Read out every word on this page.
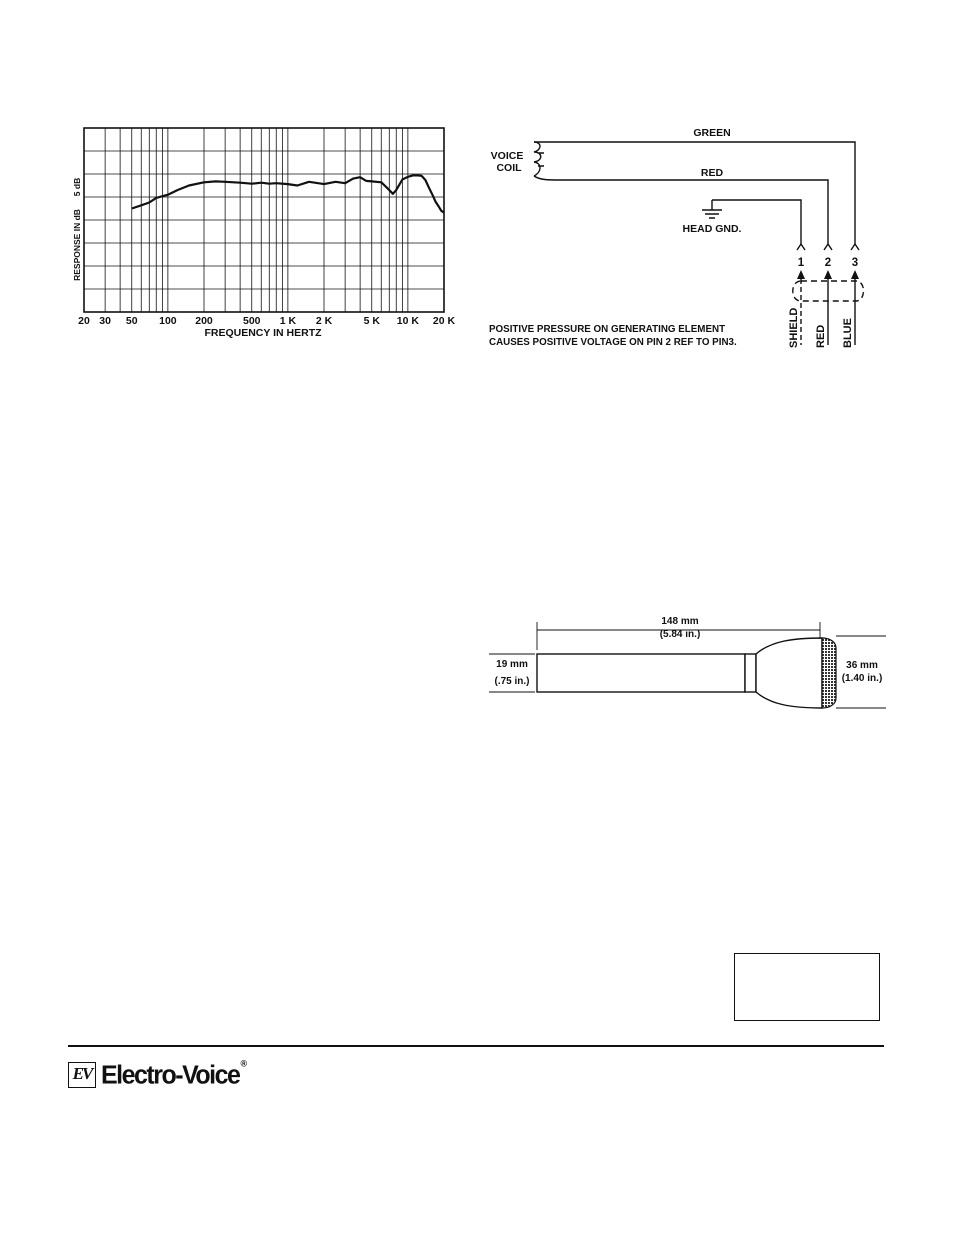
20 30 50 100 200	500 1 K 2 K	5 K 10 K 20 K
RESPONSE IN dB
5 dB
FREQUENCY IN HERTZ
VOICE
COIL
GREEN
RED
HEAD GND.
1 2 3
SHIELD RED BLUE
POSITIVE PRESSURE ON GENERATING ELEMENT
CAUSES POSITIVE VOLTAGE ON PIN 2 REF TO PIN3.
148 mm
(5.84 in.)
19 mm
(.75 in.)
36 mm
(1.40 in.)
EV Electro-Voice®
